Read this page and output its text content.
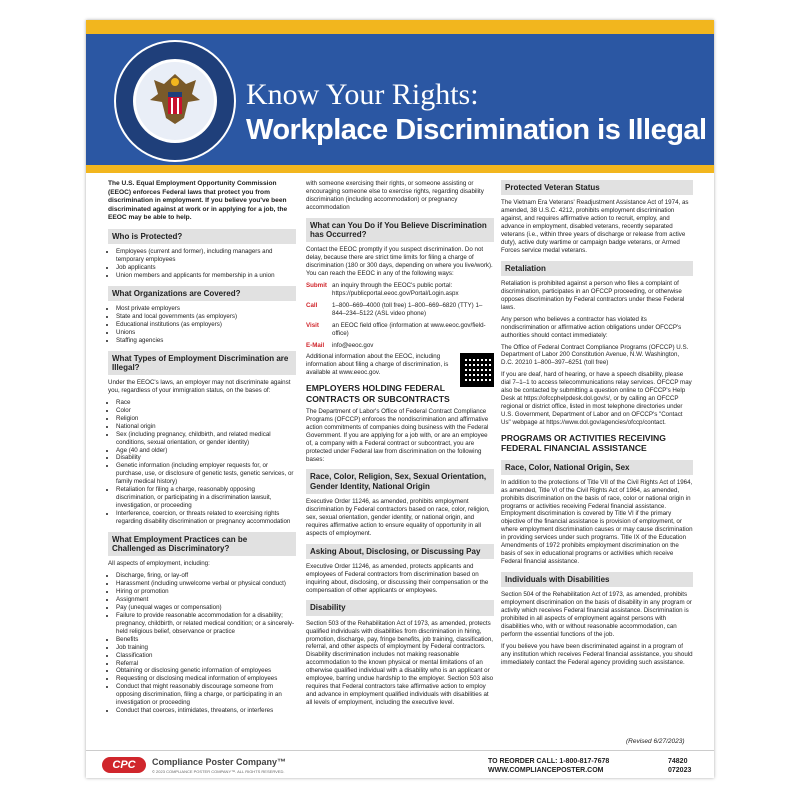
Know Your Rights:
Workplace Discrimination is Illegal
The U.S. Equal Employment Opportunity Commission (EEOC) enforces Federal laws that protect you from discrimination in employment. If you believe you've been discriminated against at work or in applying for a job, the EEOC may be able to help.
Who is Protected?
• Employees (current and former), including managers and temporary employees
• Job applicants
• Union members and applicants for membership in a union
What Organizations are Covered?
• Most private employers
• State and local governments (as employers)
• Educational institutions (as employers)
• Unions
• Staffing agencies
What Types of Employment Discrimination are Illegal?
Under the EEOC's laws, an employer may not discriminate against you, regardless of your immigration status, on the bases of:
• Race
• Color
• Religion
• National origin
• Sex (including pregnancy, childbirth, and related medical conditions, sexual orientation, or gender identity)
• Age (40 and older)
• Disability
• Genetic information (including employer requests for, or purchase, use, or disclosure of genetic tests, genetic services, or family medical history)
• Retaliation for filing a charge, reasonably opposing discrimination, or participating in a discrimination lawsuit, investigation, or proceeding
• Interference, coercion, or threats related to exercising rights regarding disability discrimination or pregnancy accommodation
What Employment Practices can be Challenged as Discriminatory?
All aspects of employment, including:
• Discharge, firing, or lay-off
• Harassment (including unwelcome verbal or physical conduct)
• Hiring or promotion
• Assignment
• Pay (unequal wages or compensation)
• Failure to provide reasonable accommodation for a disability; pregnancy, childbirth, or related medical condition; or a sincerely-held religious belief, observance or practice
• Benefits
• Job training
• Classification
• Referral
• Obtaining or disclosing genetic information of employees
• Requesting or disclosing medical information of employees
• Conduct that might reasonably discourage someone from opposing discrimination, filing a charge, or participating in an investigation or proceeding
• Conduct that coerces, intimidates, threatens, or interferes
with someone exercising their rights, or someone assisting or encouraging someone else to exercise rights, regarding disability discrimination (including accommodation) or pregnancy accommodation
What can You Do if You Believe Discrimination has Occurred?
Contact the EEOC promptly if you suspect discrimination. Do not delay, because there are strict time limits for filing a charge of discrimination (180 or 300 days, depending on where you live/work). You can reach the EEOC in any of the following ways:
Submit an inquiry through the EEOC's public portal: https://publicportal.eeoc.gov/Portal/Login.aspx
Call	1–800–669–4000 (toll free) 1–800–669–6820 (TTY) 1–844–234–5122 (ASL video phone)
Visit	an EEOC field office (information at www.eeoc.gov/field-office)
E-Mail	info@eeoc.gov
Additional information about the EEOC, including information about filing a charge of discrimination, is available at www.eeoc.gov.
EMPLOYERS HOLDING FEDERAL CONTRACTS OR SUBCONTRACTS
The Department of Labor's Office of Federal Contract Compliance Programs (OFCCP) enforces the nondiscrimination and affirmative action commitments of companies doing business with the Federal Government. If you are applying for a job with, or are an employee of, a company with a Federal contract or subcontract, you are protected under Federal law from discrimination on the following bases:
Race, Color, Religion, Sex, Sexual Orientation, Gender Identity, National Origin
Executive Order 11246, as amended, prohibits employment discrimination by Federal contractors based on race, color, religion, sex, sexual orientation, gender identity, or national origin, and requires affirmative action to ensure equality of opportunity in all aspects of employment.
Asking About, Disclosing, or Discussing Pay
Executive Order 11246, as amended, protects applicants and employees of Federal contractors from discrimination based on inquiring about, disclosing, or discussing their compensation or the compensation of other applicants or employees.
Disability
Section 503 of the Rehabilitation Act of 1973, as amended, protects qualified individuals with disabilities from discrimination in hiring, promotion, discharge, pay, fringe benefits, job training, classification, referral, and other aspects of employment by Federal contractors. Disability discrimination includes not making reasonable accommodation to the known physical or mental limitations of an otherwise qualified individual with a disability who is an applicant or employee, barring undue hardship to the employer. Section 503 also requires that Federal contractors take affirmative action to employ and advance in employment qualified individuals with disabilities at all levels of employment, including the executive level.
Protected Veteran Status
The Vietnam Era Veterans' Readjustment Assistance Act of 1974, as amended, 38 U.S.C. 4212, prohibits employment discrimination against, and requires affirmative action to recruit, employ, and advance in employment, disabled veterans, recently separated veterans (i.e., within three years of discharge or release from active duty), active duty wartime or campaign badge veterans, or Armed Forces service medal veterans.
Retaliation
Retaliation is prohibited against a person who files a complaint of discrimination, participates in an OFCCP proceeding, or otherwise opposes discrimination by Federal contractors under these Federal laws.
Any person who believes a contractor has violated its nondiscrimination or affirmative action obligations under OFCCP's authorities should contact immediately:
The Office of Federal Contract Compliance Programs (OFCCP) U.S. Department of Labor 200 Constitution Avenue, N.W. Washington, D.C. 20210 1–800–397–6251 (toll free)
If you are deaf, hard of hearing, or have a speech disability, please dial 7–1–1 to access telecommunications relay services. OFCCP may also be contacted by submitting a question online to OFCCP's Help Desk at https://ofccphelpdesk.dol.gov/s/, or by calling an OFCCP regional or district office, listed in most telephone directories under U.S. Government, Department of Labor and on OFCCP's "Contact Us" webpage at https://www.dol.gov/agencies/ofccp/contact.
PROGRAMS OR ACTIVITIES RECEIVING FEDERAL FINANCIAL ASSISTANCE
Race, Color, National Origin, Sex
In addition to the protections of Title VII of the Civil Rights Act of 1964, as amended, Title VI of the Civil Rights Act of 1964, as amended, prohibits discrimination on the basis of race, color or national origin in programs or activities receiving Federal financial assistance. Employment discrimination is covered by Title VI if the primary objective of the financial assistance is provision of employment, or where employment discrimination causes or may cause discrimination in providing services under such programs. Title IX of the Education Amendments of 1972 prohibits employment discrimination on the basis of sex in educational programs or activities which receive Federal financial assistance.
Individuals with Disabilities
Section 504 of the Rehabilitation Act of 1973, as amended, prohibits employment discrimination on the basis of disability in any program or activity which receives Federal financial assistance. Discrimination is prohibited in all aspects of employment against persons with disabilities who, with or without reasonable accommodation, can perform the essential functions of the job.
If you believe you have been discriminated against in a program of any institution which receives Federal financial assistance, you should immediately contact the Federal agency providing such assistance.
(Revised 6/27/2023)
CPC	Compliance Poster Company™
© 2023 COMPLIANCE POSTER COMPANY™. ALL RIGHTS RESERVED.
TO REORDER CALL: 1-800-817-7678
WWW.COMPLIANCEPOSTER.COM
74820
072023
